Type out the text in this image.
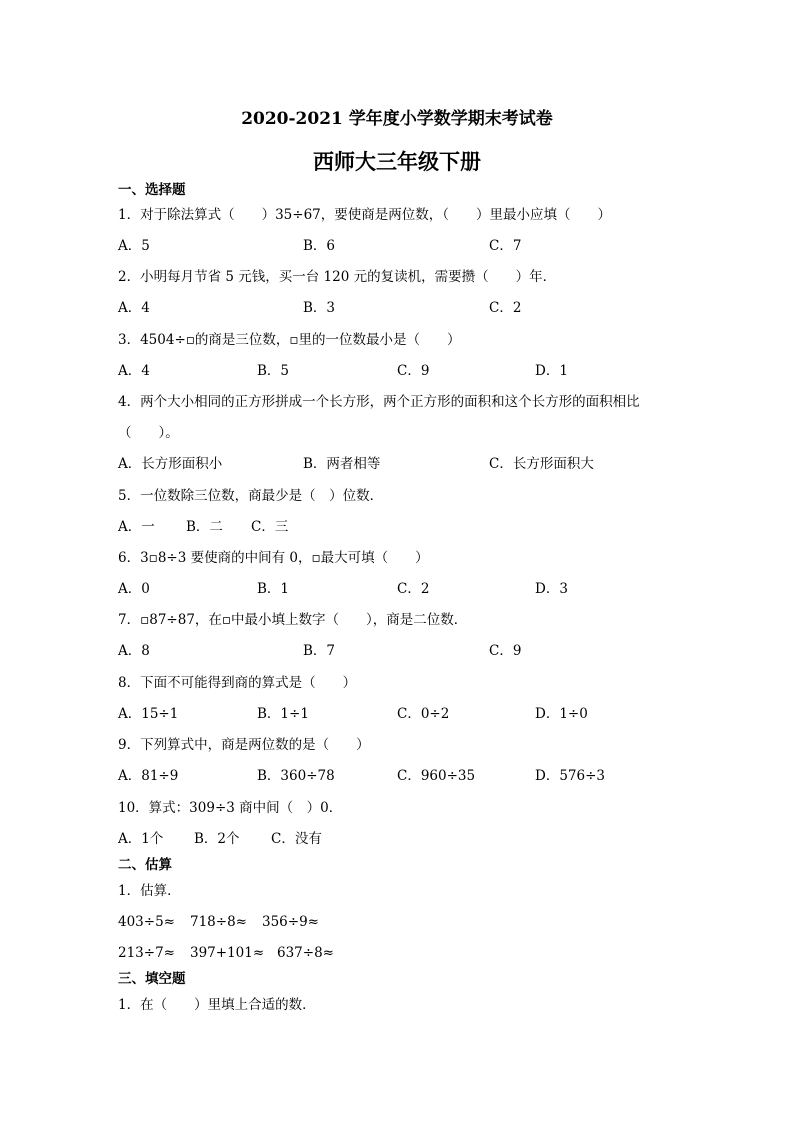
2020-2021 学年度小学数学期末考试卷
西师大三年级下册
一、选择题
1．对于除法算式（　　）35÷67，要使商是两位数，（　　）里最小应填（　　）
A．5	B．6	C．7
2．小明每月节省 5 元钱，买一台 120 元的复读机，需要攒（　　）年．
A．4	B．3	C．2
3．4504÷▫的商是三位数，▫里的一位数最小是（　　）
A．4	B．5	C．9	D．1
4．两个大小相同的正方形拼成一个长方形，两个正方形的面积和这个长方形的面积相比
（　　）。
A．长方形面积小	B．两者相等	C．长方形面积大
5．一位数除三位数，商最少是（　）位数．
A．一 B．二 C．三
6．3▫8÷3 要使商的中间有 0，▫最大可填（　　）
A．0	B．1	C．2	D．3
7．▫87÷87，在▫中最小填上数字（　　），商是二位数．
A．8	B．7	C．9
8．下面不可能得到商的算式是（　　）
A．15÷1	B．1÷1	C．0÷2	D．1÷0
9．下列算式中，商是两位数的是（　　）
A．81÷9	B．360÷78	C．960÷35	D．576÷3
10．算式：309÷3 商中间（　）0．
A．1个 B．2个 C．没有
二、估算
1．估算．
403÷5≈ 718÷8≈ 356÷9≈
213÷7≈ 397+101≈ 637÷8≈
三、填空题
1．在（　　）里填上合适的数．
